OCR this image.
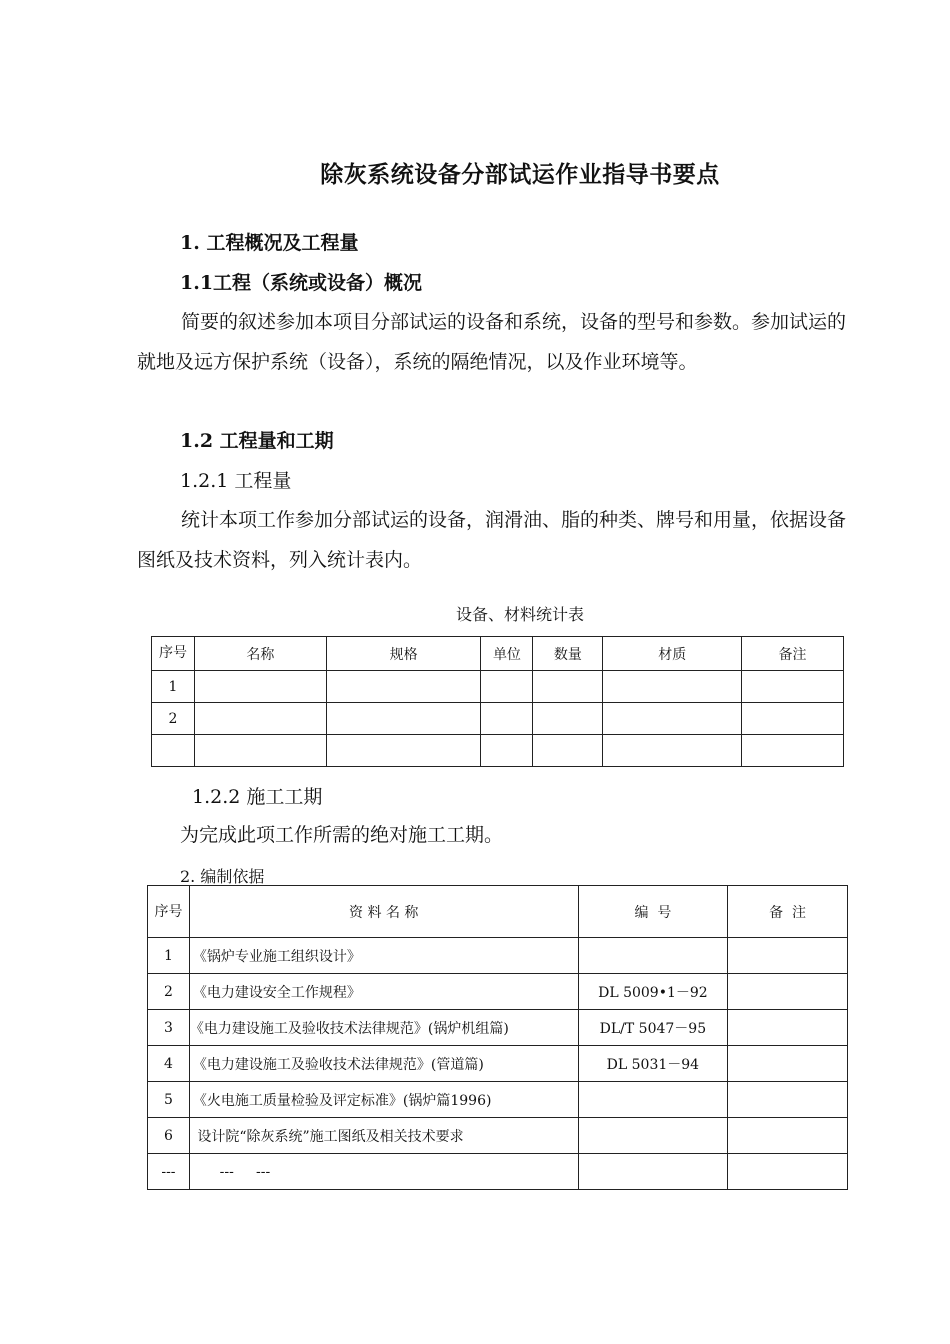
除灰系统设备分部试运作业指导书要点
1. 工程概况及工程量
1.1工程（系统或设备）概况
简要的叙述参加本项目分部试运的设备和系统，设备的型号和参数。参加试运的就地及远方保护系统（设备），系统的隔绝情况，以及作业环境等。
1.2 工程量和工期
1.2.1 工程量
统计本项工作参加分部试运的设备，润滑油、脂的种类、牌号和用量，依据设备图纸及技术资料，列入统计表内。
设备、材料统计表
序号	名称	规格	单位	数量	材质	备注
1						
2						

1.2.2 施工工期
为完成此项工作所需的绝对施工工期。
2. 编制依据
序号	资 料 名 称	编  号	备  注
1	《锅炉专业施工组织设计》		
2	《电力建设安全工作规程》	DL 5009•1－92	
3	《电力建设施工及验收技术法律规范》(锅炉机组篇)	DL/T 5047－95	
4	《电力建设施工及验收技术法律规范》(管道篇)	DL 5031－94	
5	《火电施工质量检验及评定标准》(锅炉篇1996)		
6	设计院“除灰系统”施工图纸及相关技术要求		
---	---     ---		
